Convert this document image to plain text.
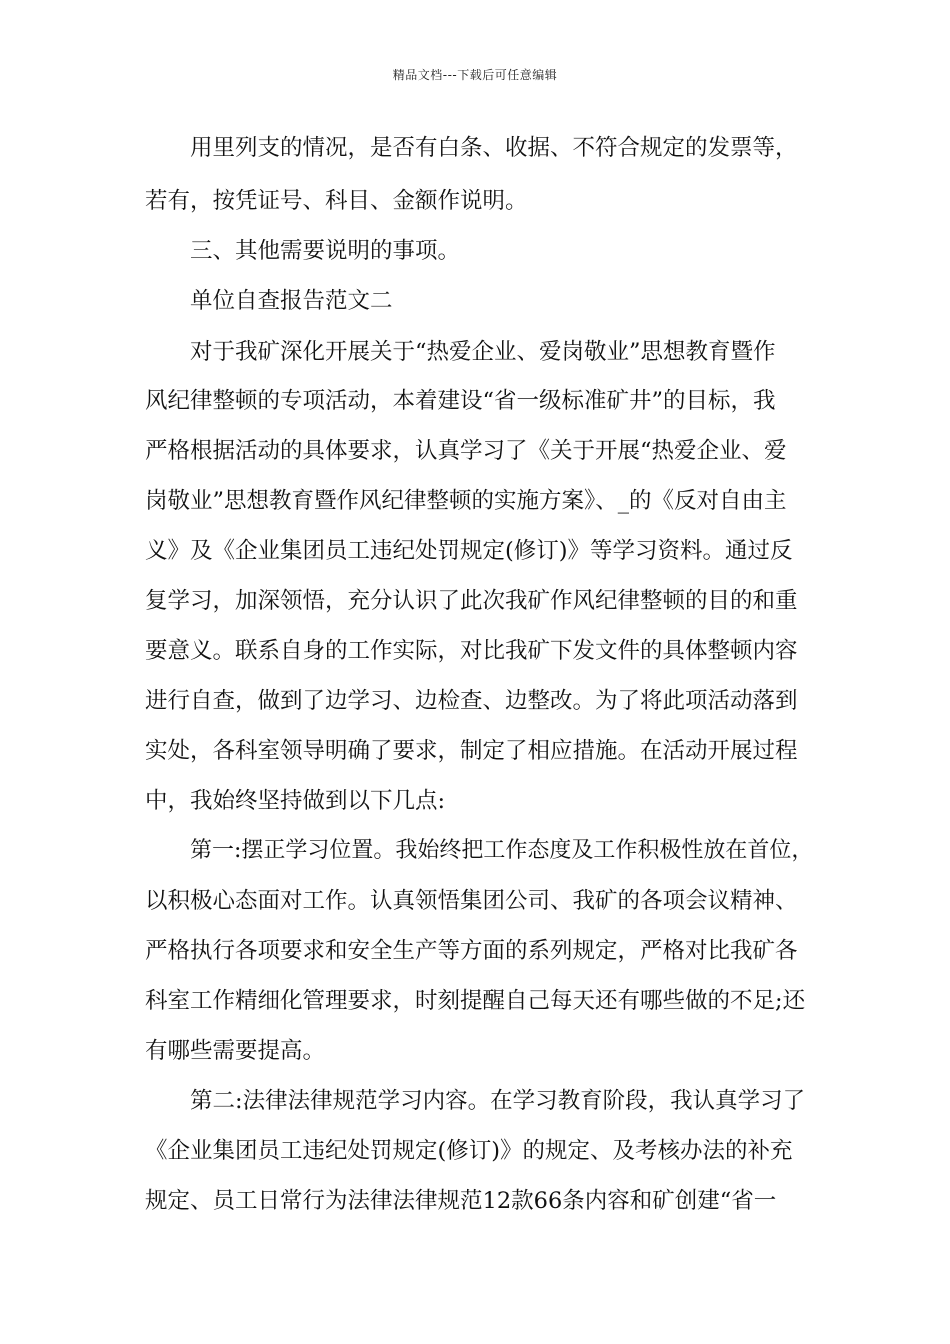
精品文档---下载后可任意编辑
用里列支的情况，是否有白条、收据、不符合规定的发票等，
若有，按凭证号、科目、金额作说明。
三、其他需要说明的事项。
单位自查报告范文二
对于我矿深化开展关于“热爱企业、爱岗敬业”思想教育暨作
风纪律整顿的专项活动，本着建设“省一级标准矿井”的目标，我
严格根据活动的具体要求，认真学习了《关于开展“热爱企业、爱
岗敬业”思想教育暨作风纪律整顿的实施方案》、_的《反对自由主
义》及《企业集团员工违纪处罚规定(修订)》等学习资料。通过反
复学习，加深领悟，充分认识了此次我矿作风纪律整顿的目的和重
要意义。联系自身的工作实际，对比我矿下发文件的具体整顿内容
进行自查，做到了边学习、边检查、边整改。为了将此项活动落到
实处，各科室领导明确了要求，制定了相应措施。在活动开展过程
中，我始终坚持做到以下几点:
第一:摆正学习位置。我始终把工作态度及工作积极性放在首位，
以积极心态面对工作。认真领悟集团公司、我矿的各项会议精神、
严格执行各项要求和安全生产等方面的系列规定，严格对比我矿各
科室工作精细化管理要求，时刻提醒自己每天还有哪些做的不足;还
有哪些需要提高。
第二:法律法律规范学习内容。在学习教育阶段，我认真学习了
《企业集团员工违纪处罚规定(修订)》的规定、及考核办法的补充
规定、员工日常行为法律法律规范12款66条内容和矿创建“省一
